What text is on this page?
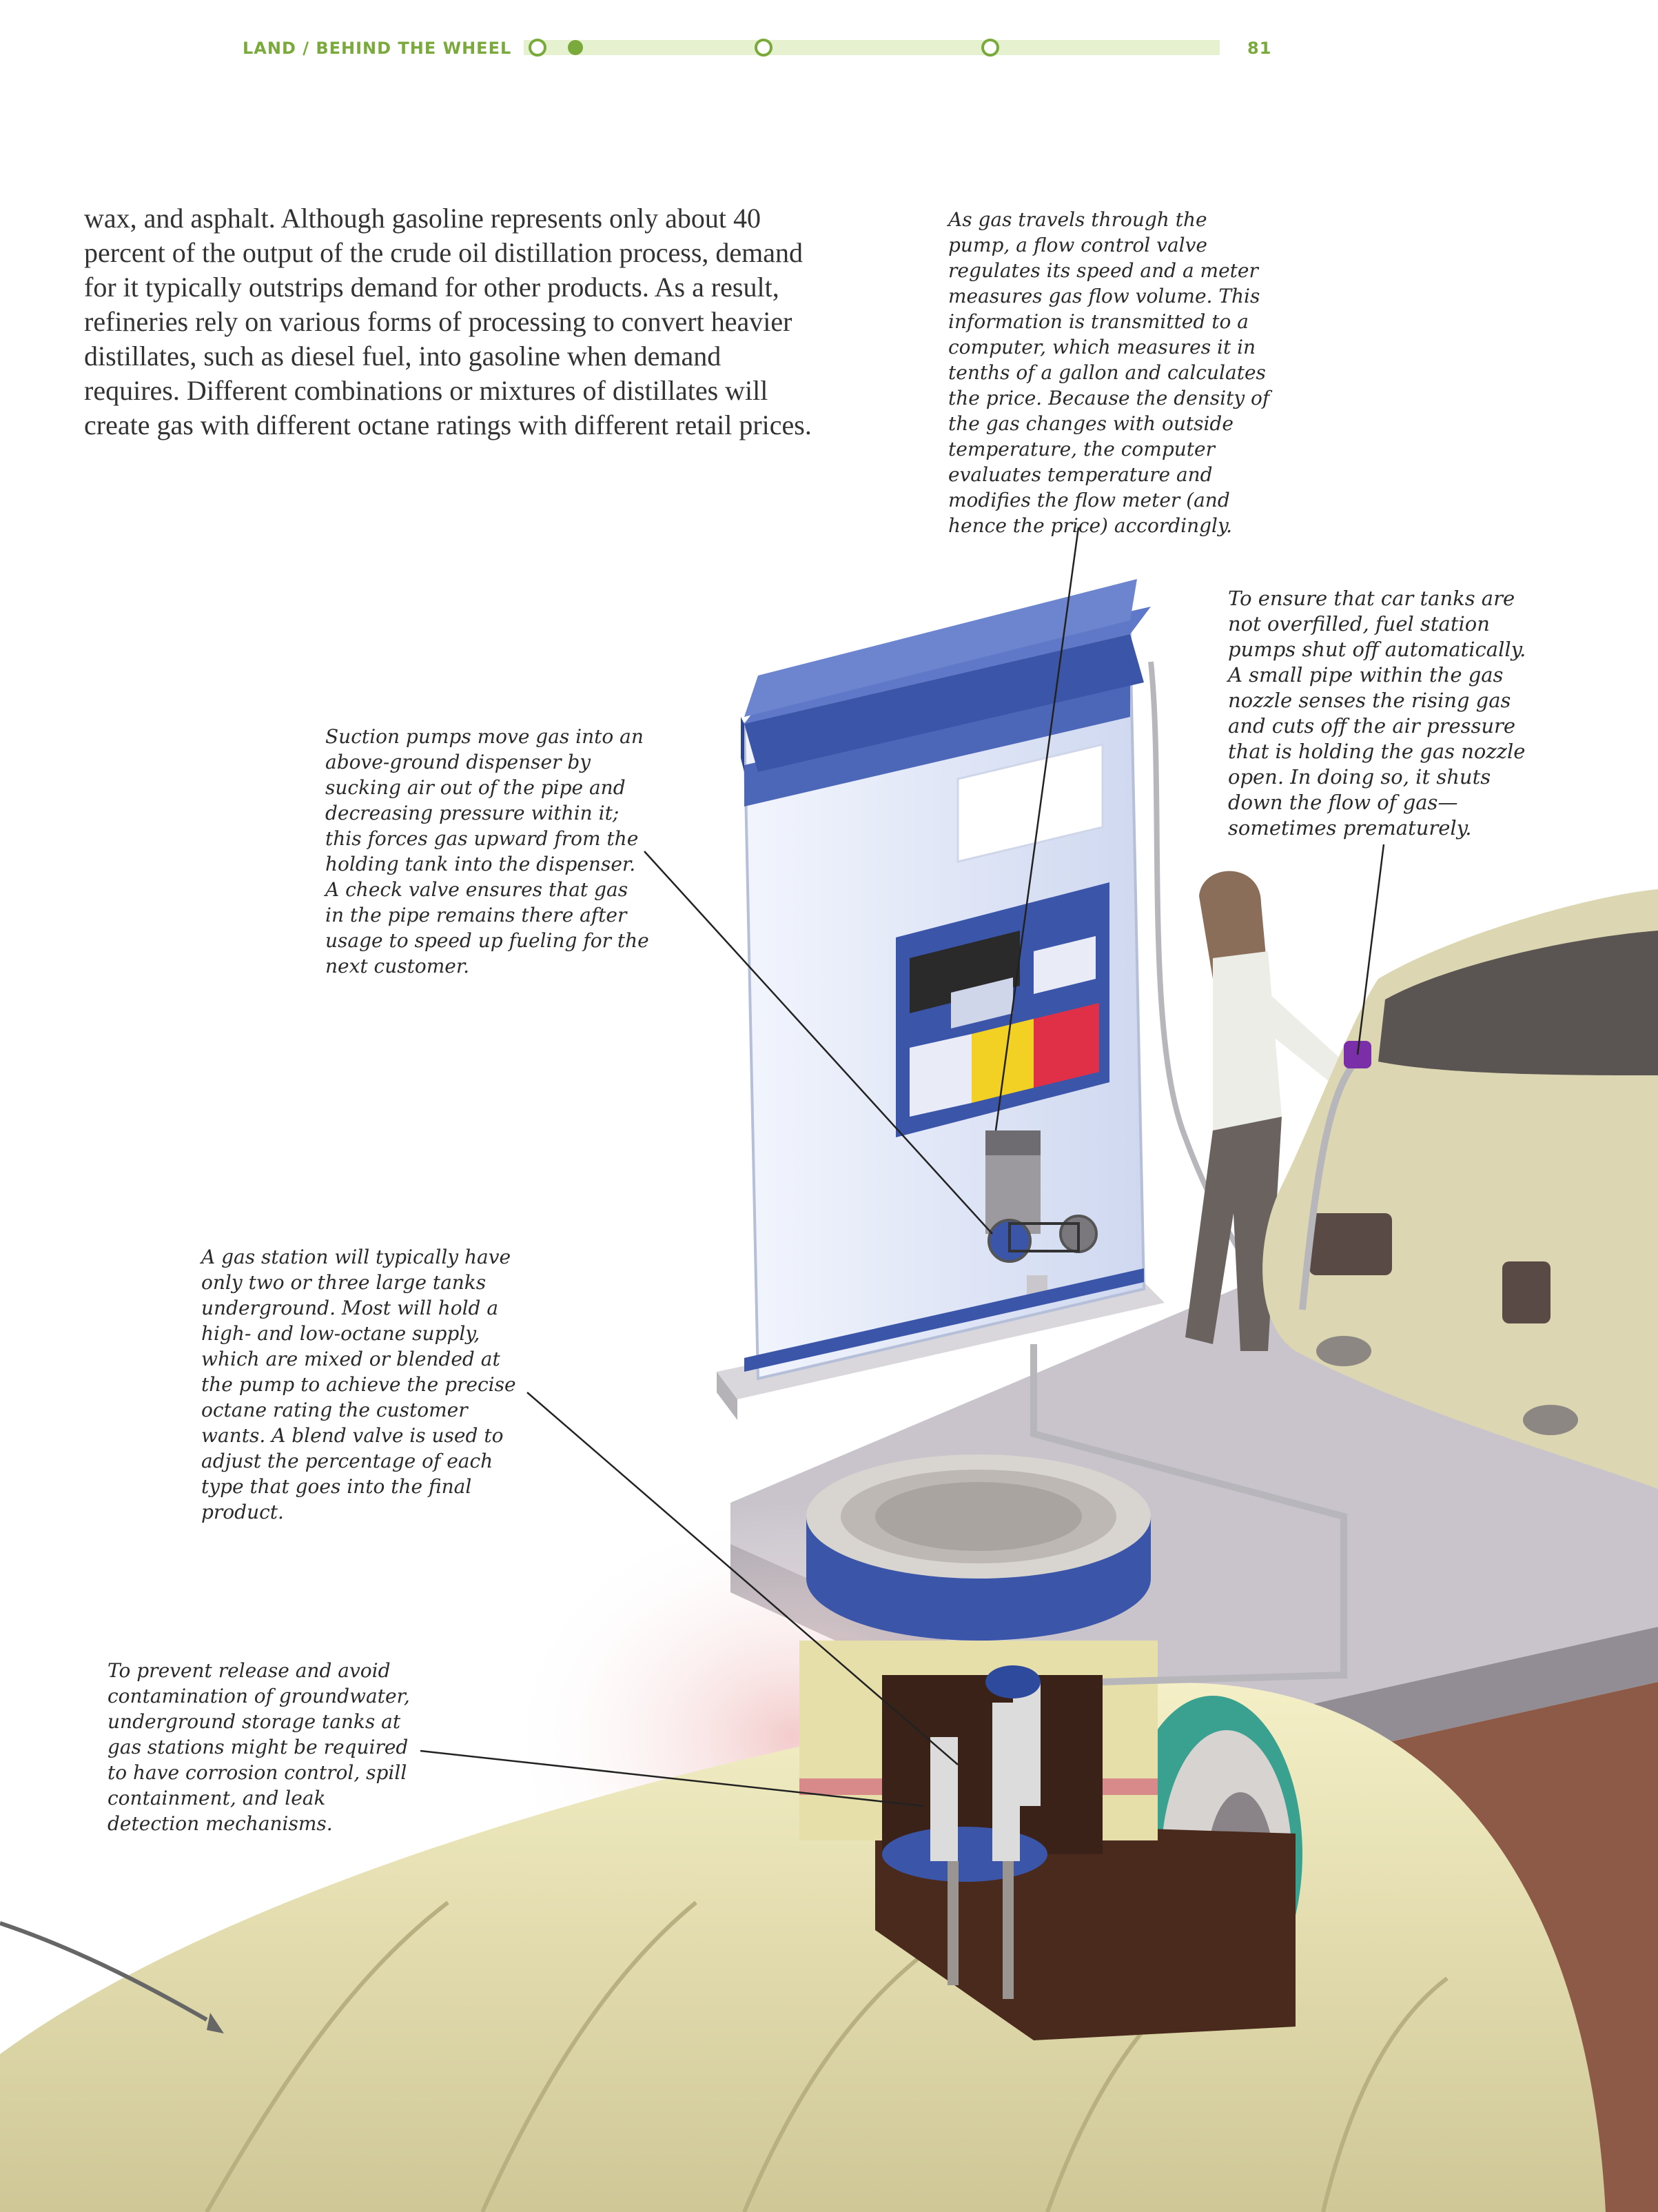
LAND / BEHIND THE WHEEL	81

wax, and asphalt. Although gasoline represents only about 40 percent of the output of the crude oil distillation process, demand for it typically outstrips demand for other products. As a result, refineries rely on various forms of processing to convert heavier distillates, such as diesel fuel, into gasoline when demand requires. Different combinations or mixtures of distillates will create gas with different octane ratings with different retail prices.

As gas travels through the pump, a flow control valve regulates its speed and a meter measures gas flow volume. This information is transmitted to a computer, which measures it in tenths of a gallon and calculates the price. Because the density of the gas changes with outside temperature, the computer evaluates temperature and modifies the flow meter (and hence the price) accordingly.

To ensure that car tanks are not overfilled, fuel station pumps shut off automatically. A small pipe within the gas nozzle senses the rising gas and cuts off the air pressure that is holding the gas nozzle open. In doing so, it shuts down the flow of gas—sometimes prematurely.

Suction pumps move gas into an above-ground dispenser by sucking air out of the pipe and decreasing pressure within it; this forces gas upward from the holding tank into the dispenser. A check valve ensures that gas in the pipe remains there after usage to speed up fueling for the next customer.

A gas station will typically have only two or three large tanks underground. Most will hold a high- and low-octane supply, which are mixed or blended at the pump to achieve the precise octane rating the customer wants. A blend valve is used to adjust the percentage of each type that goes into the final product.

To prevent release and avoid contamination of groundwater, underground storage tanks at gas stations might be required to have corrosion control, spill containment, and leak detection mechanisms.
